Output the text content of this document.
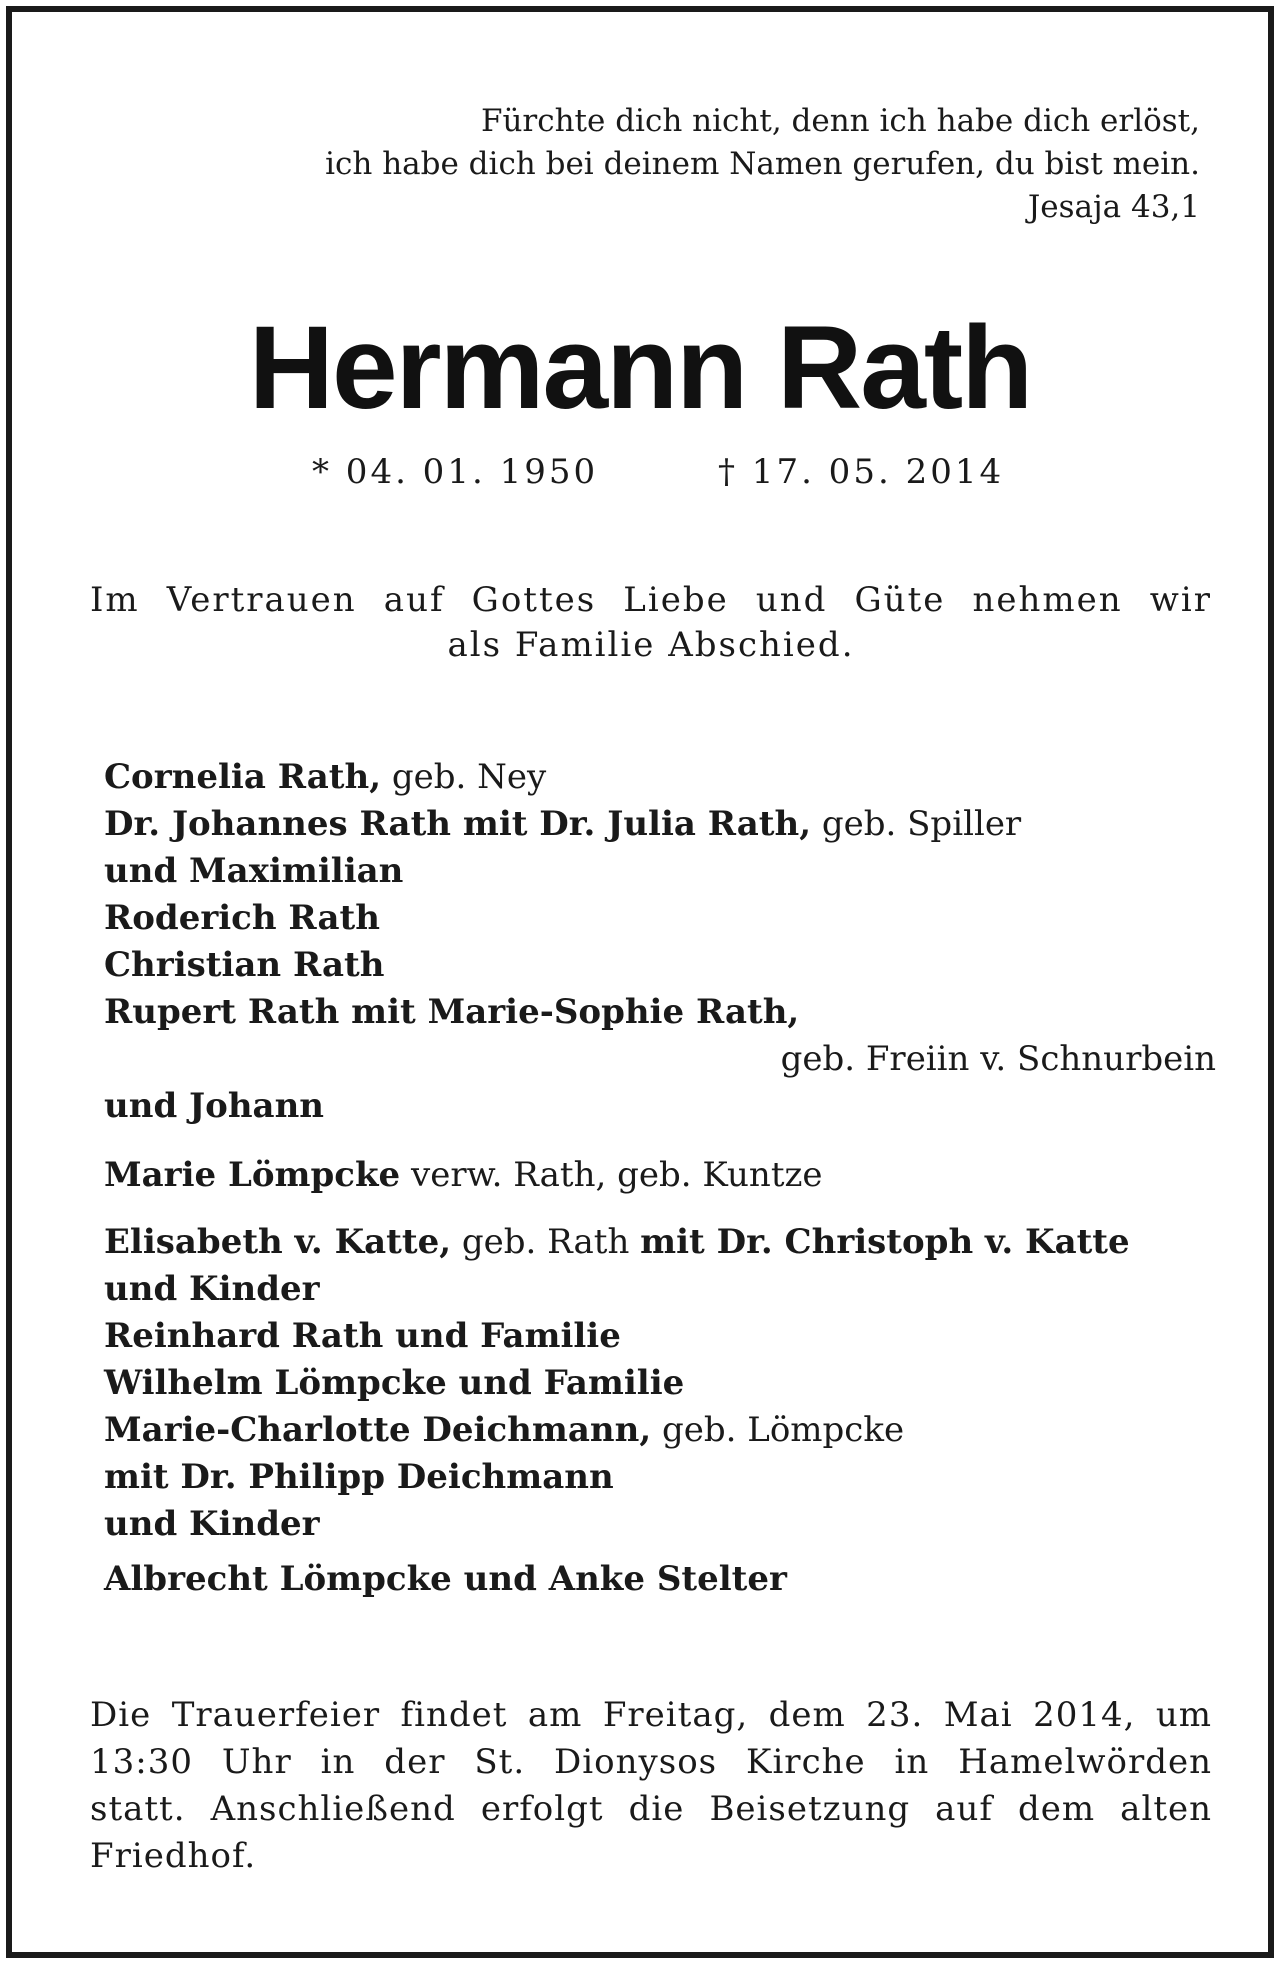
Fürchte dich nicht, denn ich habe dich erlöst,
ich habe dich bei deinem Namen gerufen, du bist mein.
Jesaja 43,1
Hermann Rath
* 04. 01. 1950	† 17. 05. 2014
Im Vertrauen auf Gottes Liebe und Güte nehmen wir
als Familie Abschied.
Cornelia Rath, geb. Ney
Dr. Johannes Rath mit Dr. Julia Rath, geb. Spiller
und Maximilian
Roderich Rath
Christian Rath
Rupert Rath mit Marie-Sophie Rath,
geb. Freiin v. Schnurbein
und Johann
Marie Lömpcke verw. Rath, geb. Kuntze
Elisabeth v. Katte, geb. Rath mit Dr. Christoph v. Katte
und Kinder
Reinhard Rath und Familie
Wilhelm Lömpcke und Familie
Marie-Charlotte Deichmann, geb. Lömpcke
mit Dr. Philipp Deichmann
und Kinder
Albrecht Lömpcke und Anke Stelter
Die Trauerfeier findet am Freitag, dem 23. Mai 2014, um
13:30 Uhr in der St. Dionysos Kirche in Hamelwörden
statt. Anschließend erfolgt die Beisetzung auf dem alten
Friedhof.
